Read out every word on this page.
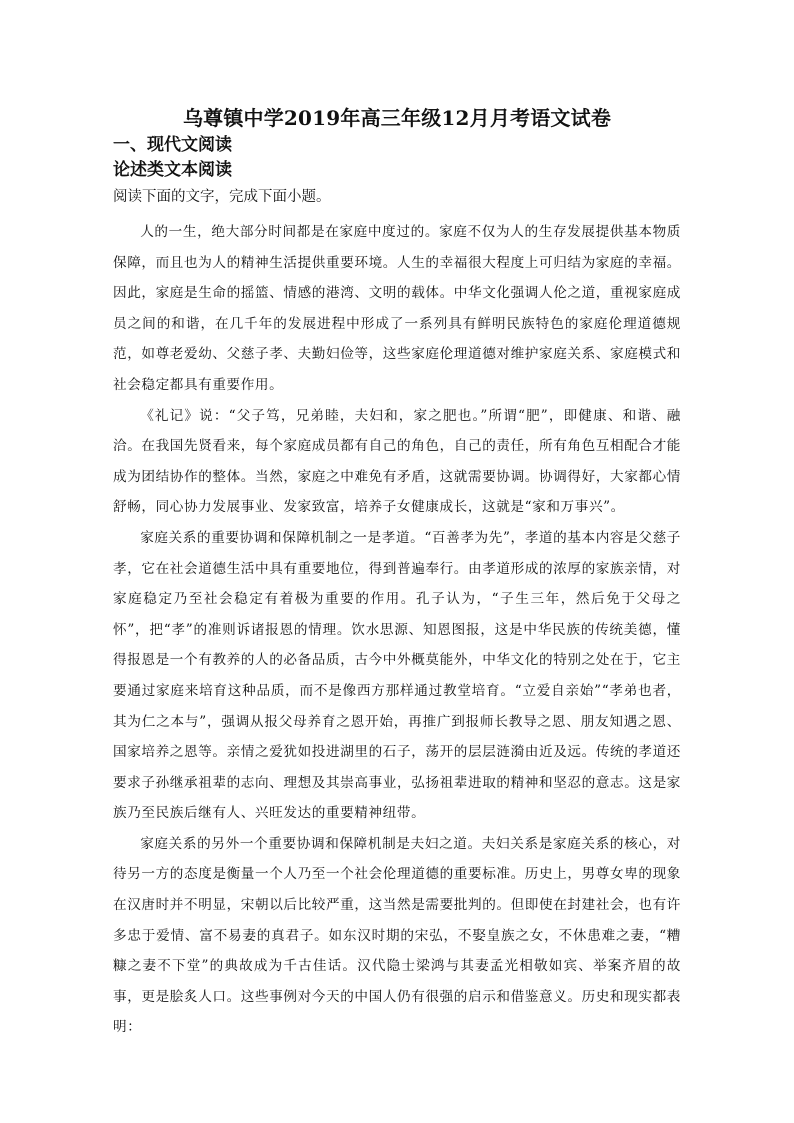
乌尊镇中学2019年高三年级12月月考语文试卷
一、现代文阅读
论述类文本阅读
阅读下面的文字，完成下面小题。

人的一生，绝大部分时间都是在家庭中度过的。家庭不仅为人的生存发展提供基本物质保障，而且也为人的精神生活提供重要环境。人生的幸福很大程度上可归结为家庭的幸福。因此，家庭是生命的摇篮、情感的港湾、文明的载体。中华文化强调人伦之道，重视家庭成员之间的和谐，在几千年的发展进程中形成了一系列具有鲜明民族特色的家庭伦理道德规范，如尊老爱幼、父慈子孝、夫勤妇俭等，这些家庭伦理道德对维护家庭关系、家庭模式和社会稳定都具有重要作用。

《礼记》说：“父子笃，兄弟睦，夫妇和，家之肥也。”所谓“肥”，即健康、和谐、融洽。在我国先贤看来，每个家庭成员都有自己的角色，自己的责任，所有角色互相配合才能成为团结协作的整体。当然，家庭之中难免有矛盾，这就需要协调。协调得好，大家都心情舒畅，同心协力发展事业、发家致富，培养子女健康成长，这就是“家和万事兴”。

家庭关系的重要协调和保障机制之一是孝道。“百善孝为先”，孝道的基本内容是父慈子孝，它在社会道德生活中具有重要地位，得到普遍奉行。由孝道形成的浓厚的家族亲情，对家庭稳定乃至社会稳定有着极为重要的作用。孔子认为，“子生三年，然后免于父母之怀”，把“孝”的准则诉诸报恩的情理。饮水思源、知恩图报，这是中华民族的传统美德，懂得报恩是一个有教养的人的必备品质，古今中外概莫能外，中华文化的特别之处在于，它主要通过家庭来培育这种品质，而不是像西方那样通过教堂培育。“立爱自亲始”“孝弟也者，其为仁之本与”，强调从报父母养育之恩开始，再推广到报师长教导之恩、朋友知遇之恩、国家培养之恩等。亲情之爱犹如投进湖里的石子，荡开的层层涟漪由近及远。传统的孝道还要求子孙继承祖辈的志向、理想及其崇高事业，弘扬祖辈进取的精神和坚忍的意志。这是家族乃至民族后继有人、兴旺发达的重要精神纽带。

家庭关系的另外一个重要协调和保障机制是夫妇之道。夫妇关系是家庭关系的核心，对待另一方的态度是衡量一个人乃至一个社会伦理道德的重要标准。历史上，男尊女卑的现象在汉唐时并不明显，宋朝以后比较严重，这当然是需要批判的。但即使在封建社会，也有许多忠于爱情、富不易妻的真君子。如东汉时期的宋弘，不娶皇族之女，不休患难之妻，“糟糠之妻不下堂”的典故成为千古佳话。汉代隐士梁鸿与其妻孟光相敬如宾、举案齐眉的故事，更是脍炙人口。这些事例对今天的中国人仍有很强的启示和借鉴意义。历史和现实都表明：
